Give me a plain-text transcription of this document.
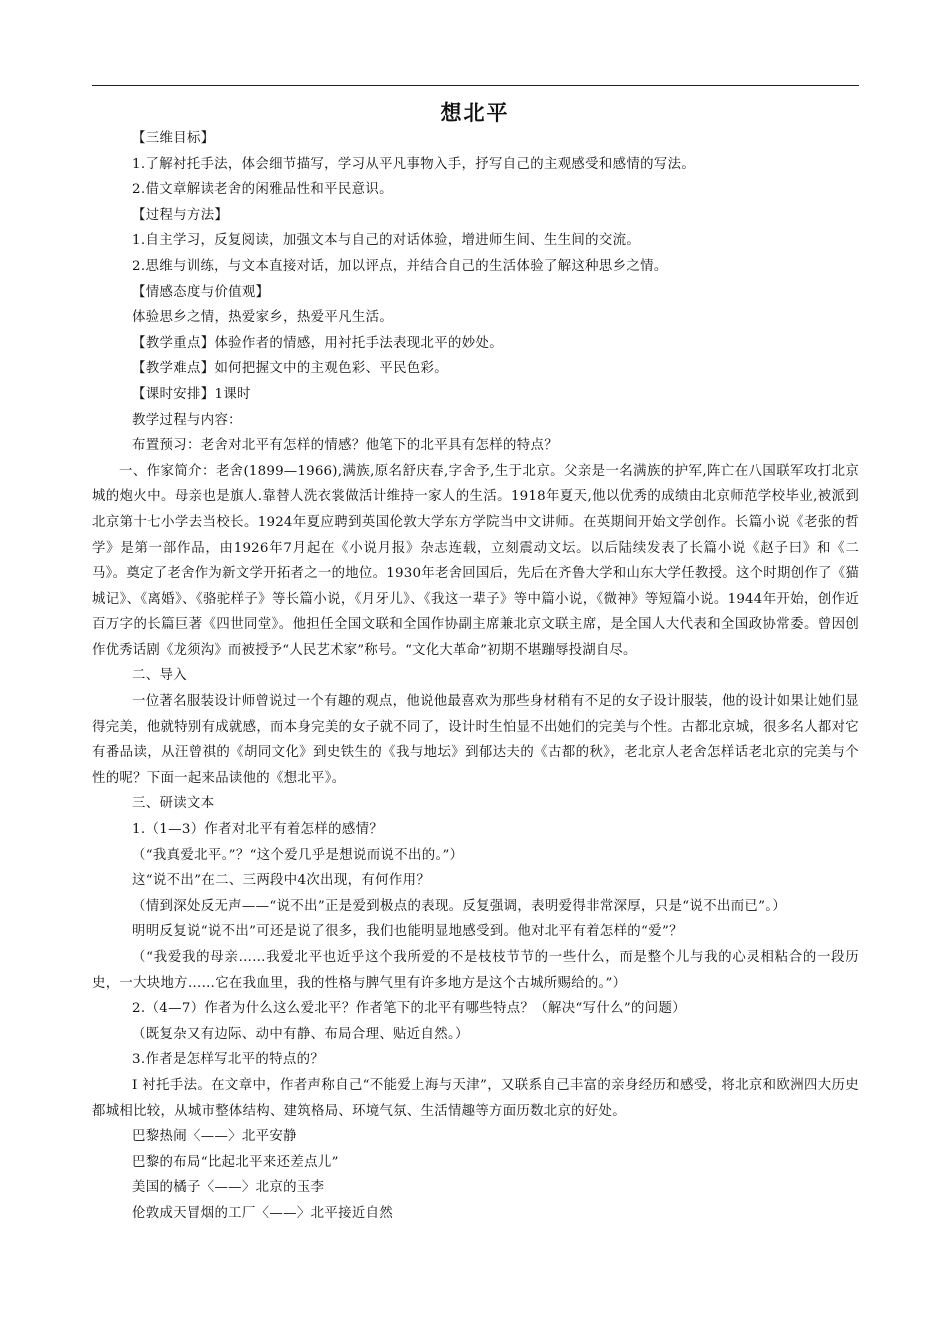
想北平

【三维目标】

1.了解衬托手法，体会细节描写，学习从平凡事物入手，抒写自己的主观感受和感情的写法。

2.借文章解读老舍的闲雅品性和平民意识。

【过程与方法】

1.自主学习，反复阅读，加强文本与自己的对话体验，增进师生间、生生间的交流。

2.思维与训练，与文本直接对话，加以评点，并结合自己的生活体验了解这种思乡之情。

【情感态度与价值观】

体验思乡之情，热爱家乡，热爱平凡生活。

【教学重点】体验作者的情感，用衬托手法表现北平的妙处。

【教学难点】如何把握文中的主观色彩、平民色彩。

【课时安排】1课时

教学过程与内容：

布置预习：老舍对北平有怎样的情感？他笔下的北平具有怎样的特点？

一、作家简介：老舍(1899—1966),满族,原名舒庆春,字舍予,生于北京。父亲是一名满族的护军,阵亡在八国联军攻打北京城的炮火中。母亲也是旗人.靠替人洗衣裳做活计维持一家人的生活。1918年夏天,他以优秀的成绩由北京师范学校毕业,被派到北京第十七小学去当校长。1924年夏应聘到英国伦敦大学东方学院当中文讲师。在英期间开始文学创作。长篇小说《老张的哲学》是第一部作品，由1926年7月起在《小说月报》杂志连载，立刻震动文坛。以后陆续发表了长篇小说《赵子曰》和《二马》。奠定了老舍作为新文学开拓者之一的地位。1930年老舍回国后，先后在齐鲁大学和山东大学任教授。这个时期创作了《猫城记》、《离婚》、《骆驼样子》等长篇小说，《月牙儿》、《我这一辈子》等中篇小说，《微神》等短篇小说。1944年开始，创作近百万字的长篇巨著《四世同堂》。他担任全国文联和全国作协副主席兼北京文联主席，是全国人大代表和全国政协常委。曾因创作优秀话剧《龙须沟》而被授予“人民艺术家”称号。“文化大革命”初期不堪蹦辱投湖自尽。

二、导入

一位著名服装设计师曾说过一个有趣的观点，他说他最喜欢为那些身材稍有不足的女子设计服装，他的设计如果让她们显得完美，他就特别有成就感，而本身完美的女子就不同了，设计时生怕显不出她们的完美与个性。古都北京城，很多名人都对它有番品读，从汪曾祺的《胡同文化》到史铁生的《我与地坛》到郁达夫的《古都的秋》，老北京人老舍怎样话老北京的完美与个性的呢？下面一起来品读他的《想北平》。

三、研读文本

1.（1—3）作者对北平有着怎样的感情？

（“我真爱北平。”？“这个爱几乎是想说而说不出的。”）

这“说不出”在二、三两段中4次出现，有何作用？

（情到深处反无声——“说不出”正是爱到极点的表现。反复强调，表明爱得非常深厚，只是“说不出而已”。）

明明反复说“说不出”可还是说了很多，我们也能明显地感受到。他对北平有着怎样的“爱”？

（“我爱我的母亲……我爱北平也近乎这个我所爱的不是枝枝节节的一些什么，而是整个儿与我的心灵相粘合的一段历史，一大块地方……它在我血里，我的性格与脾气里有许多地方是这个古城所赐给的。”）

2.（4—7）作者为什么这么爱北平？作者笔下的北平有哪些特点？（解决“写什么”的问题）

（既复杂又有边际、动中有静、布局合理、贴近自然。）

3.作者是怎样写北平的特点的？

Ⅰ 衬托手法。在文章中，作者声称自己“不能爱上海与天津”，又联系自己丰富的亲身经历和感受，将北京和欧洲四大历史都城相比较，从城市整体结构、建筑格局、环境气氛、生活情趣等方面历数北京的好处。

巴黎热闹〈——〉北平安静

巴黎的布局“比起北平来还差点儿”

美国的橘子〈——〉北京的玉李

伦敦成天冒烟的工厂〈——〉北平接近自然
